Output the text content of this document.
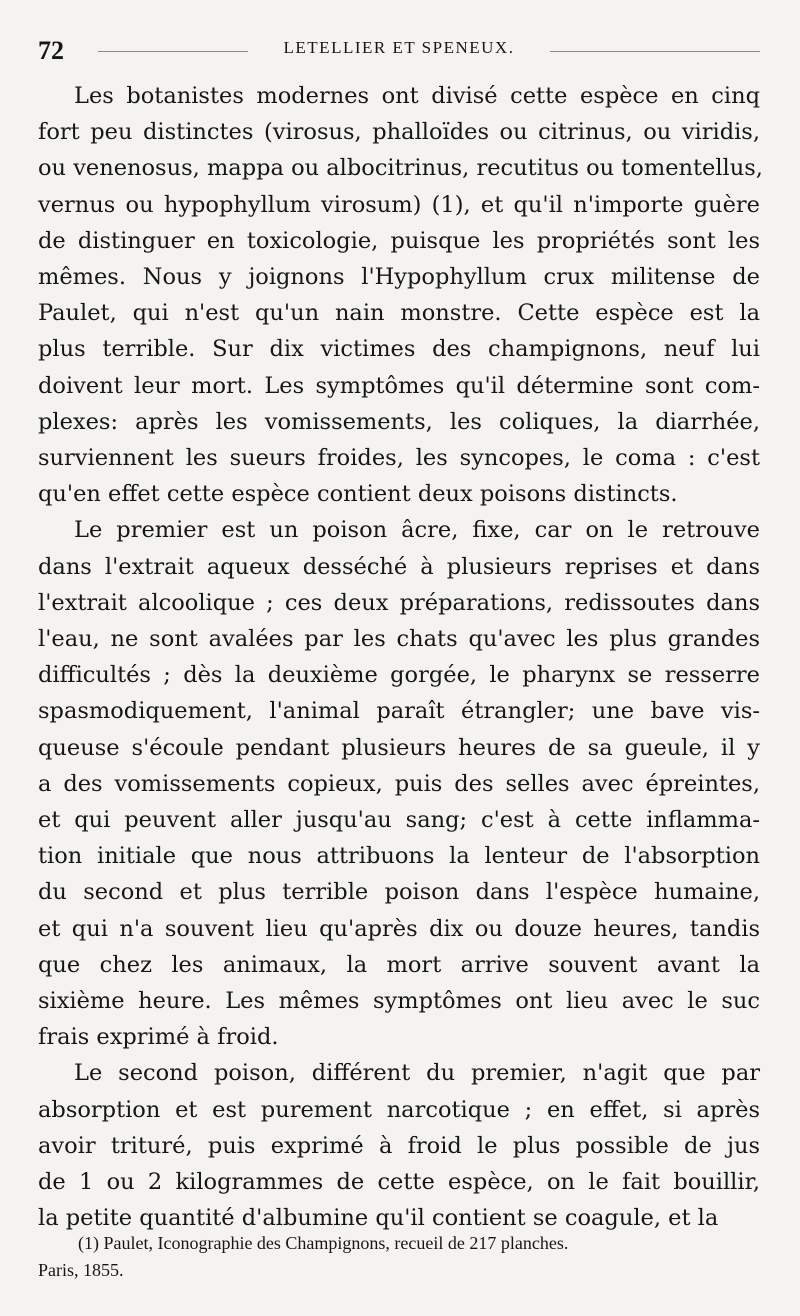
72	LETELLIER ET SPENEUX.

Les botanistes modernes ont divisé cette espèce en cinq
fort peu distinctes (virosus, phalloïdes ou citrinus, ou viridis,
ou venenosus, mappa ou albocitrinus, recutitus ou tomentellus,
vernus ou hypophyllum virosum) (1), et qu'il n'importe guère
de distinguer en toxicologie, puisque les propriétés sont les
mêmes. Nous y joignons l'Hypophyllum crux militense de
Paulet, qui n'est qu'un nain monstre. Cette espèce est la
plus terrible. Sur dix victimes des champignons, neuf lui
doivent leur mort. Les symptômes qu'il détermine sont com-
plexes: après les vomissements, les coliques, la diarrhée,
surviennent les sueurs froides, les syncopes, le coma : c'est
qu'en effet cette espèce contient deux poisons distincts.

Le premier est un poison âcre, fixe, car on le retrouve
dans l'extrait aqueux desséché à plusieurs reprises et dans
l'extrait alcoolique ; ces deux préparations, redissoutes dans
l'eau, ne sont avalées par les chats qu'avec les plus grandes
difficultés ; dès la deuxième gorgée, le pharynx se resserre
spasmodiquement, l'animal paraît étrangler; une bave vis-
queuse s'écoule pendant plusieurs heures de sa gueule, il y
a des vomissements copieux, puis des selles avec épreintes,
et qui peuvent aller jusqu'au sang; c'est à cette inflamma-
tion initiale que nous attribuons la lenteur de l'absorption
du second et plus terrible poison dans l'espèce humaine,
et qui n'a souvent lieu qu'après dix ou douze heures, tandis
que chez les animaux, la mort arrive souvent avant la
sixième heure. Les mêmes symptômes ont lieu avec le suc
frais exprimé à froid.

Le second poison, différent du premier, n'agit que par
absorption et est purement narcotique ; en effet, si après
avoir trituré, puis exprimé à froid le plus possible de jus
de 1 ou 2 kilogrammes de cette espèce, on le fait bouillir,
la petite quantité d'albumine qu'il contient se coagule, et la

(1) Paulet, Iconographie des Champignons, recueil de 217 planches.
Paris, 1855.
